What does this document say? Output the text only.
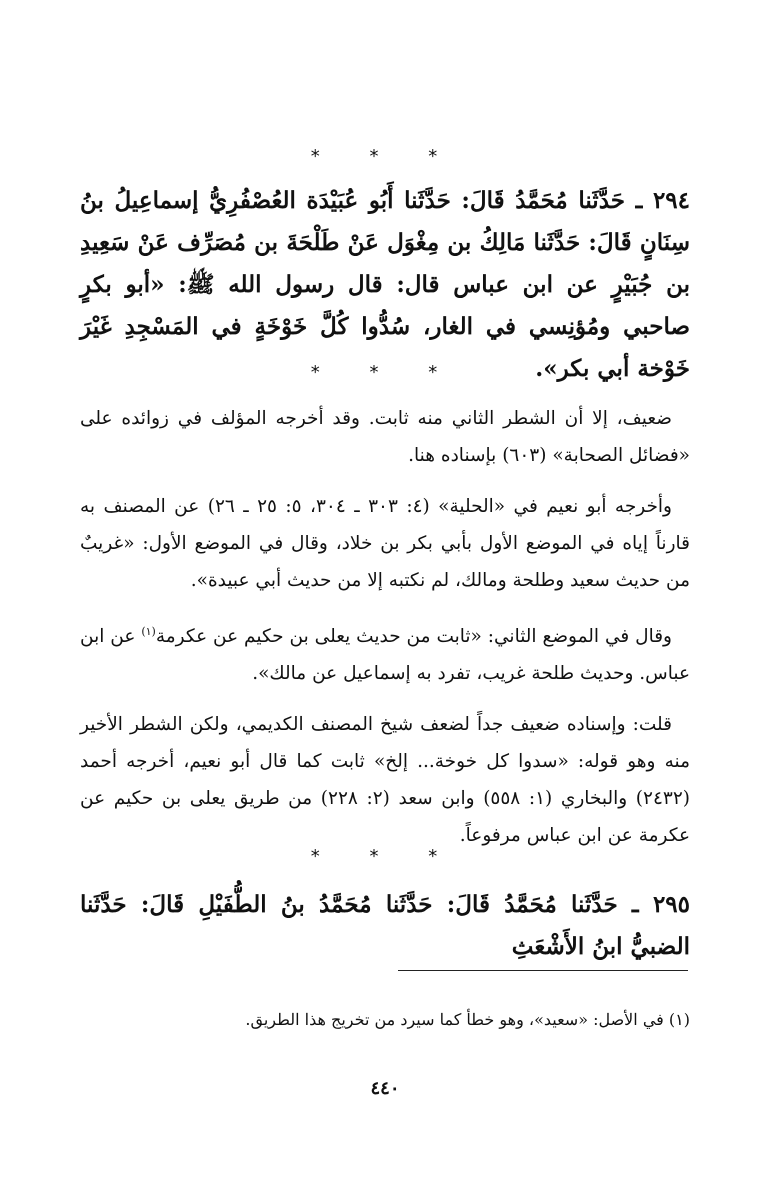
* * *
٢٩٤ ـ حَدَّثَنا مُحَمَّدُ قَالَ: حَدَّثَنا أَبُو عُبَيْدَة العُصْفُرِيُّ إسماعِيلُ بنُ سِنَانٍ قَالَ: حَدَّثَنا مَالِكُ بن مِغْوَل عَنْ طَلْحَةَ بن مُصَرِّف عَنْ سَعِيدِ بن جُبَيْرٍ عن ابن عباس قال: قال رسول الله ﷺ: «أبو بكرٍ صاحبي ومُؤنِسي في الغار، سُدُّوا كُلَّ خَوْخَةٍ في المَسْجِدِ غَيْرَ خَوْخة أبي بكر».
* * *

ضعيف، إلا أن الشطر الثاني منه ثابت. وقد أخرجه المؤلف في زوائده على «فضائل الصحابة» (٦٠٣) بإسناده هنا.

وأخرجه أبو نعيم في «الحلية» (٤: ٣٠٣ ـ ٣٠٤، ٥: ٢٥ ـ ٢٦) عن المصنف به قارناً إياه في الموضع الأول بأبي بكر بن خلاد، وقال في الموضع الأول: «غريبٌ من حديث سعيد وطلحة ومالك، لم نكتبه إلا من حديث أبي عبيدة».

وقال في الموضع الثاني: «ثابت من حديث يعلى بن حكيم عن عكرمة$^{(١)}$ عن ابن عباس. وحديث طلحة غريب، تفرد به إسماعيل عن مالك».

قلت: وإسناده ضعيف جداً لضعف شيخ المصنف الكديمي، ولكن الشطر الأخير منه وهو قوله: «سدوا كل خوخة... إلخ» ثابت كما قال أبو نعيم، أخرجه أحمد (٢٤٣٢) والبخاري (١: ٥٥٨) وابن سعد (٢: ٢٢٨) من طريق يعلى بن حكيم عن عكرمة عن ابن عباس مرفوعاً.

* * *
٢٩٥ ـ حَدَّثَنا مُحَمَّدُ قَالَ: حَدَّثَنا مُحَمَّدُ بنُ الطُّفَيْلِ قَالَ: حَدَّثَنا الضبيُّ ابنُ الأَشْعَثِ
(١) في الأصل: «سعيد»، وهو خطأ كما سيرد من تخريج هذا الطريق.
٤٤٠
